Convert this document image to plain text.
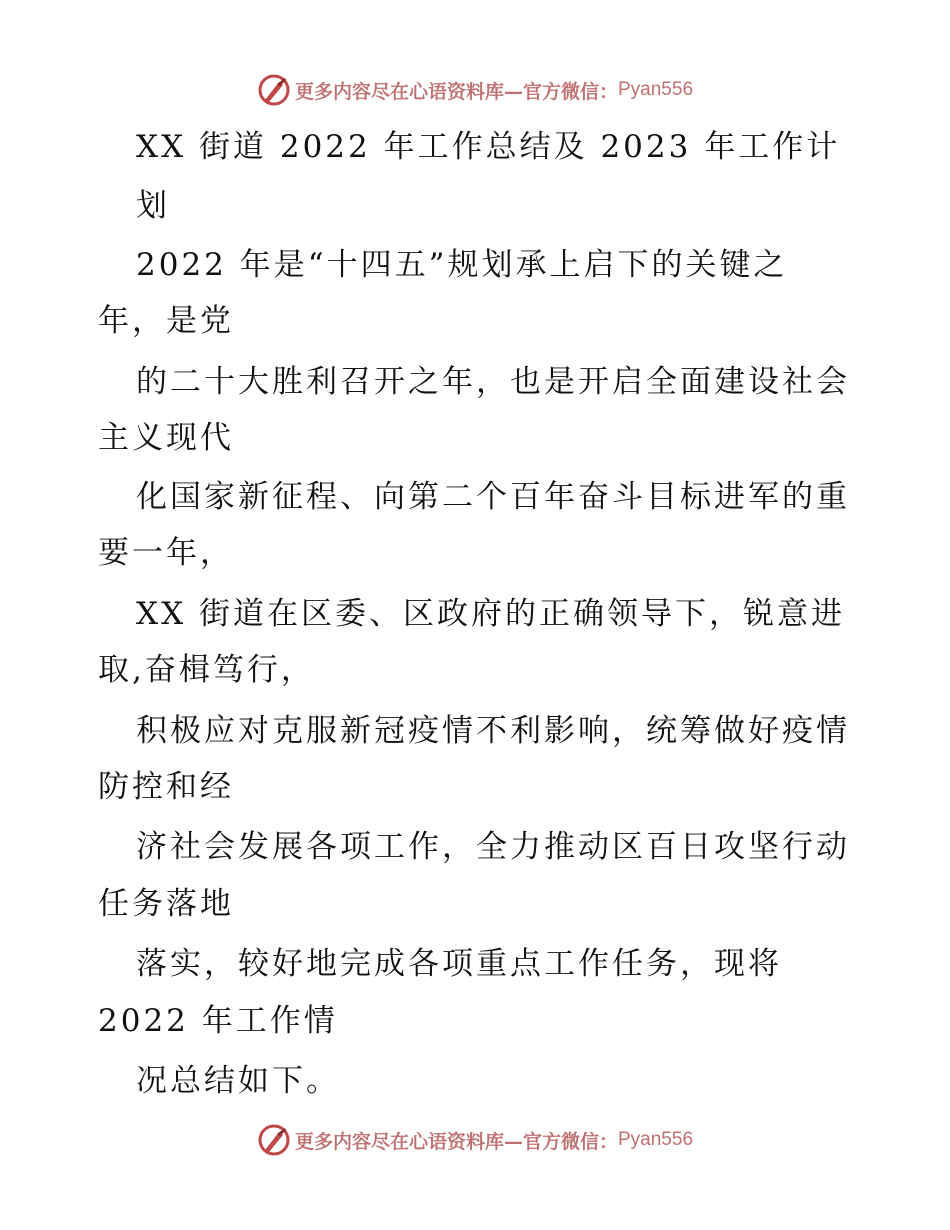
更多内容尽在心语资料库—官方微信： Pyan556
XX 街道 2022 年工作总结及 2023 年工作计
划
2022 年是“十四五”规划承上启下的关键之
年，是党
的二十大胜利召开之年，也是开启全面建设社会
主义现代
化国家新征程、向第二个百年奋斗目标进军的重
要一年，
XX 街道在区委、区政府的正确领导下，锐意进
取,奋楫笃行，
积极应对克服新冠疫情不利影响，统筹做好疫情
防控和经
济社会发展各项工作，全力推动区百日攻坚行动
任务落地
落实，较好地完成各项重点工作任务，现将
2022 年工作情
况总结如下。
更多内容尽在心语资料库—官方微信： Pyan556
